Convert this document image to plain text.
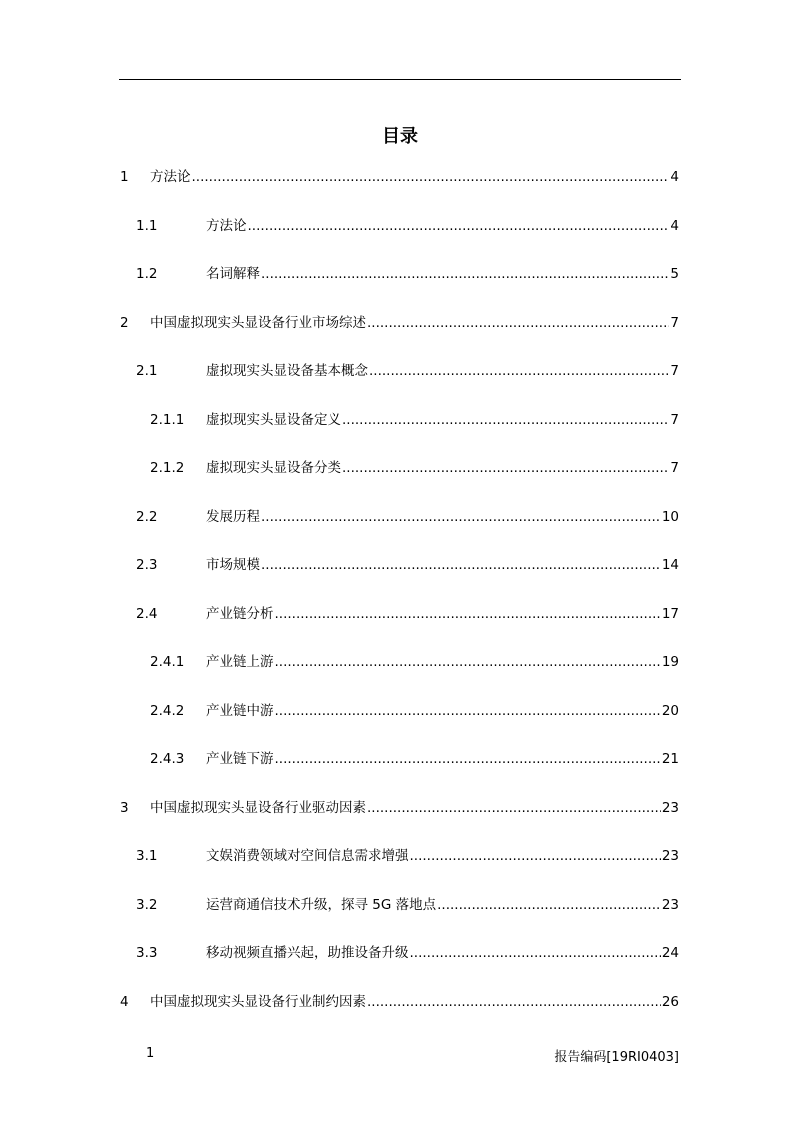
目录
1 方法论 .....	4
1.1	方法论 .....	4
1.2	名词解释 .....	5
2 中国虚拟现实头显设备行业市场综述 .....	7
2.1	虚拟现实头显设备基本概念 .....	7
2.1.1 虚拟现实头显设备定义 .....	7
2.1.2 虚拟现实头显设备分类 .....	7
2.2	发展历程 .....	10
2.3	市场规模 .....	14
2.4	产业链分析 .....	17
2.4.1 产业链上游 .....	19
2.4.2 产业链中游 .....	20
2.4.3 产业链下游 .....	21
3 中国虚拟现实头显设备行业驱动因素 .....	23
3.1	文娱消费领域对空间信息需求增强 .....	23
3.2	运营商通信技术升级，探寻 5G 落地点 .....	23
3.3	移动视频直播兴起，助推设备升级 .....	24
4 中国虚拟现实头显设备行业制约因素 .....	26
1	报告编码[19RI0403]
